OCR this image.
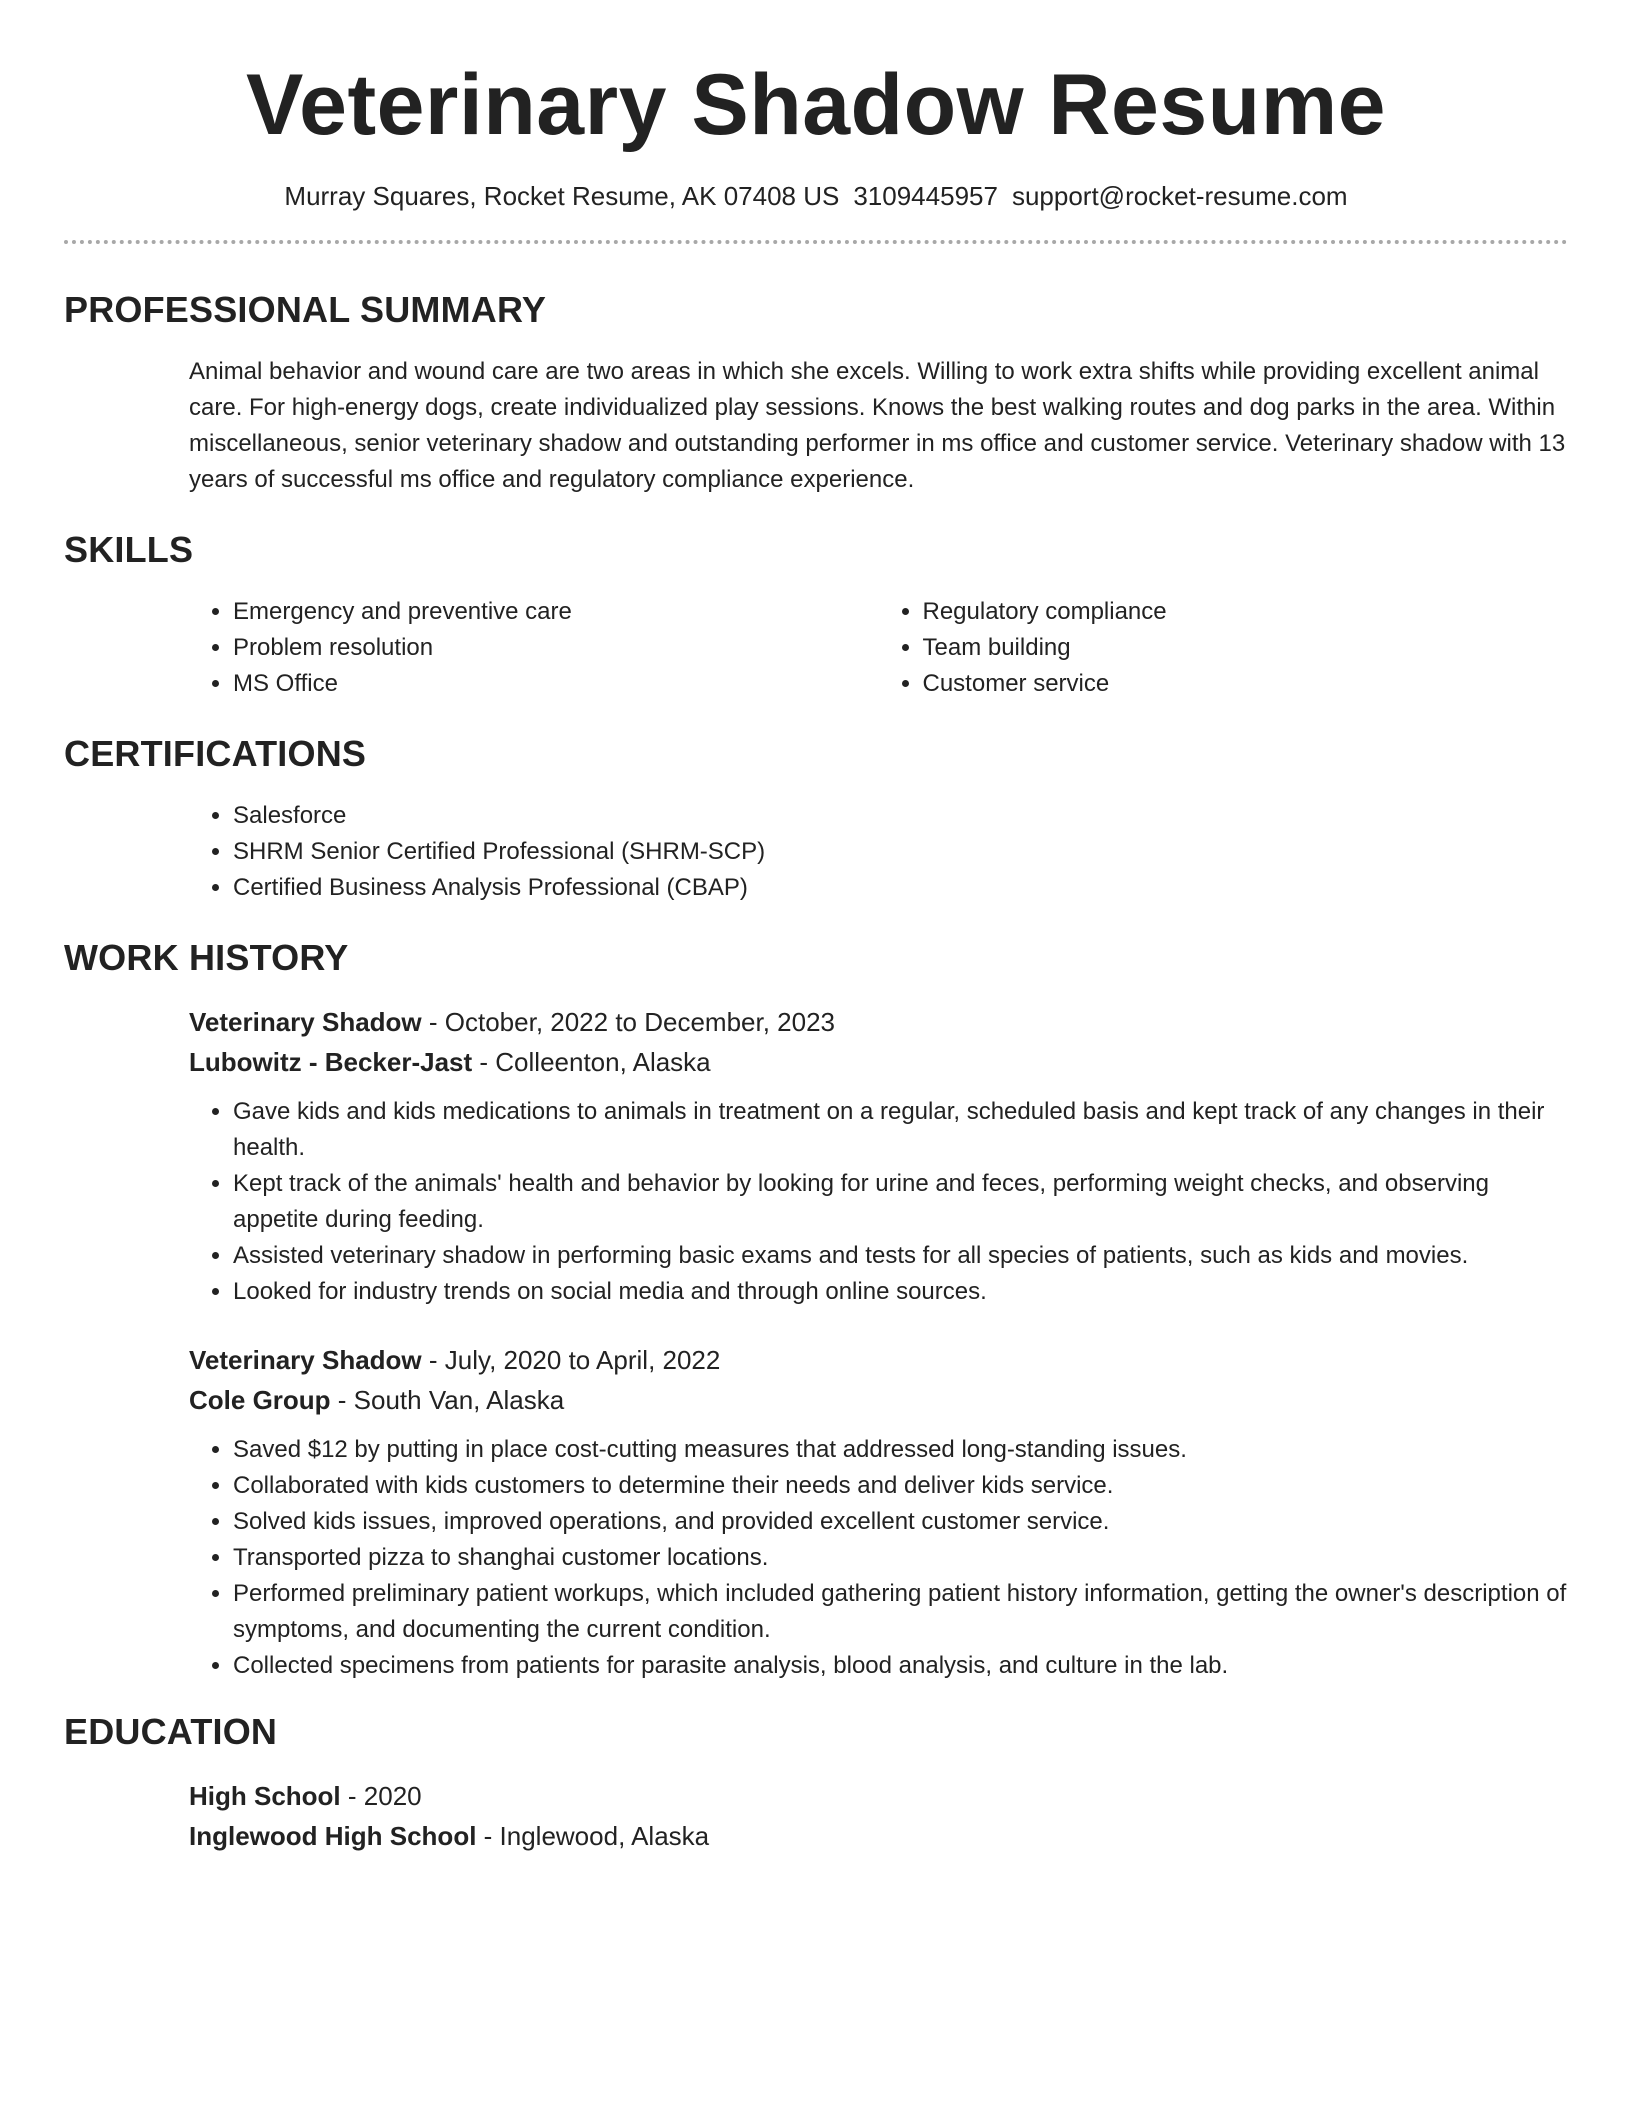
Veterinary Shadow Resume
Murray Squares, Rocket Resume, AK 07408 US 3109445957 support@rocket-resume.com
PROFESSIONAL SUMMARY

Animal behavior and wound care are two areas in which she excels. Willing to work extra shifts while providing excellent animal care. For high-energy dogs, create individualized play sessions. Knows the best walking routes and dog parks in the area. Within miscellaneous, senior veterinary shadow and outstanding performer in ms office and customer service. Veterinary shadow with 13 years of successful ms office and regulatory compliance experience.

SKILLS
• Emergency and preventive care
• Problem resolution
• MS Office
• Regulatory compliance
• Team building
• Customer service
CERTIFICATIONS
• Salesforce
• SHRM Senior Certified Professional (SHRM-SCP)
• Certified Business Analysis Professional (CBAP)
WORK HISTORY
Veterinary Shadow - October, 2022 to December, 2023
Lubowitz - Becker-Jast - Colleenton, Alaska
• Gave kids and kids medications to animals in treatment on a regular, scheduled basis and kept track of any changes in their health.
• Kept track of the animals' health and behavior by looking for urine and feces, performing weight checks, and observing appetite during feeding.
• Assisted veterinary shadow in performing basic exams and tests for all species of patients, such as kids and movies.
• Looked for industry trends on social media and through online sources.
Veterinary Shadow - July, 2020 to April, 2022
Cole Group - South Van, Alaska
• Saved $12 by putting in place cost-cutting measures that addressed long-standing issues.
• Collaborated with kids customers to determine their needs and deliver kids service.
• Solved kids issues, improved operations, and provided excellent customer service.
• Transported pizza to shanghai customer locations.
• Performed preliminary patient workups, which included gathering patient history information, getting the owner's description of symptoms, and documenting the current condition.
• Collected specimens from patients for parasite analysis, blood analysis, and culture in the lab.
EDUCATION
High School - 2020
Inglewood High School - Inglewood, Alaska
